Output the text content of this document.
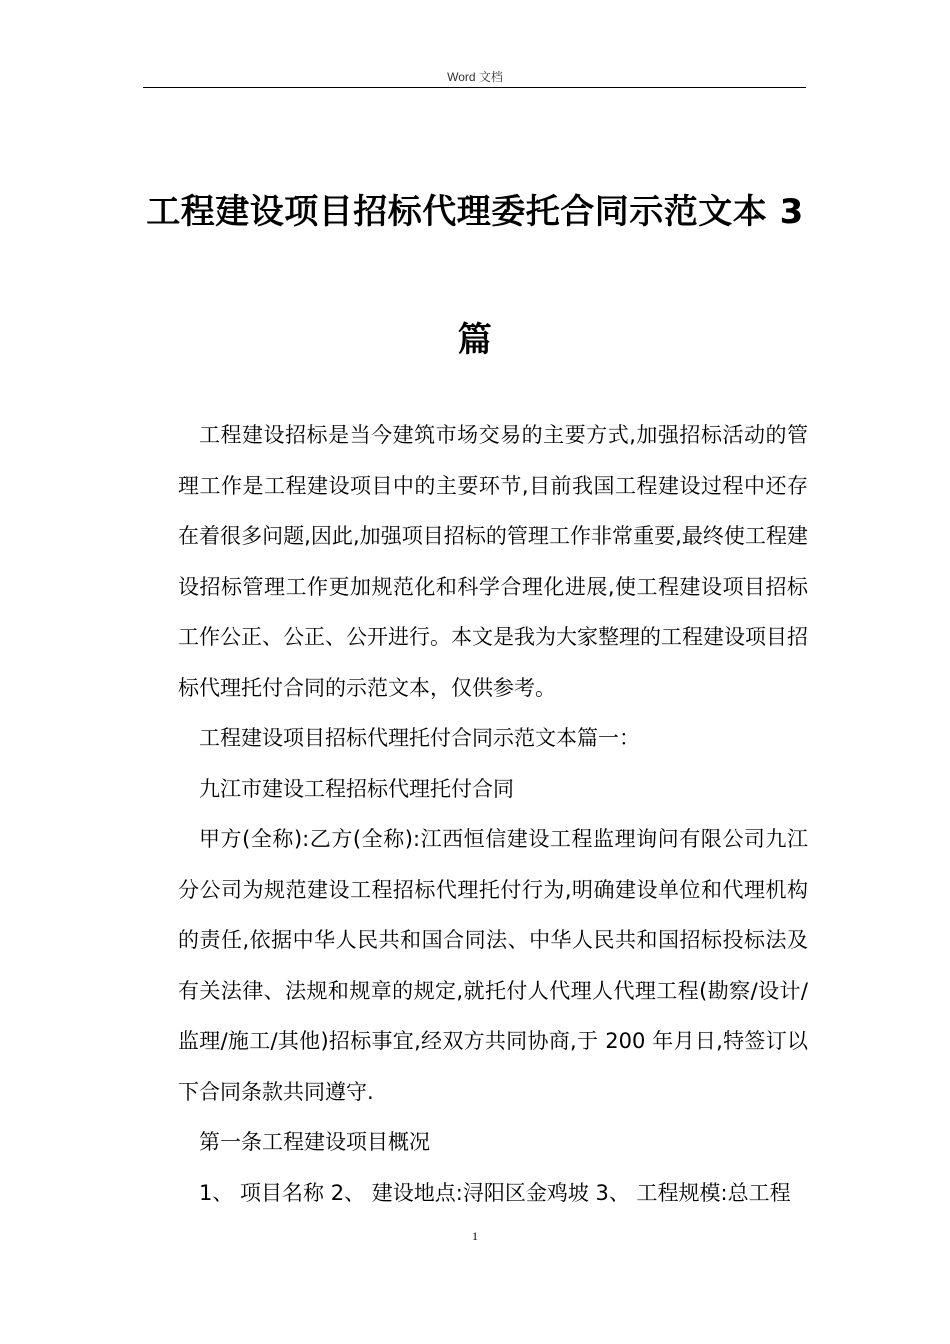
Word 文档
工程建设项目招标代理委托合同示范文本 3
篇

工程建设招标是当今建筑市场交易的主要方式,加强招标活动的管理工作是工程建设项目中的主要环节,目前我国工程建设过程中还存在着很多问题,因此,加强项目招标的管理工作非常重要,最终使工程建设招标管理工作更加规范化和科学合理化进展,使工程建设项目招标工作公正、公正、公开进行。本文是我为大家整理的工程建设项目招标代理托付合同的示范文本，仅供参考。

工程建设项目招标代理托付合同示范文本篇一：

九江市建设工程招标代理托付合同

甲方(全称):乙方(全称):江西恒信建设工程监理询问有限公司九江分公司为规范建设工程招标代理托付行为,明确建设单位和代理机构的责任,依据中华人民共和国合同法、中华人民共和国招标投标法及有关法律、法规和规章的规定,就托付人代理人代理工程(勘察/设计/监理/施工/其他)招标事宜,经双方共同协商,于 200 年月日,特签订以下合同条款共同遵守.

第一条工程建设项目概况

1、 项目名称 2、 建设地点:浔阳区金鸡坡 3、 工程规模:总工程

1
